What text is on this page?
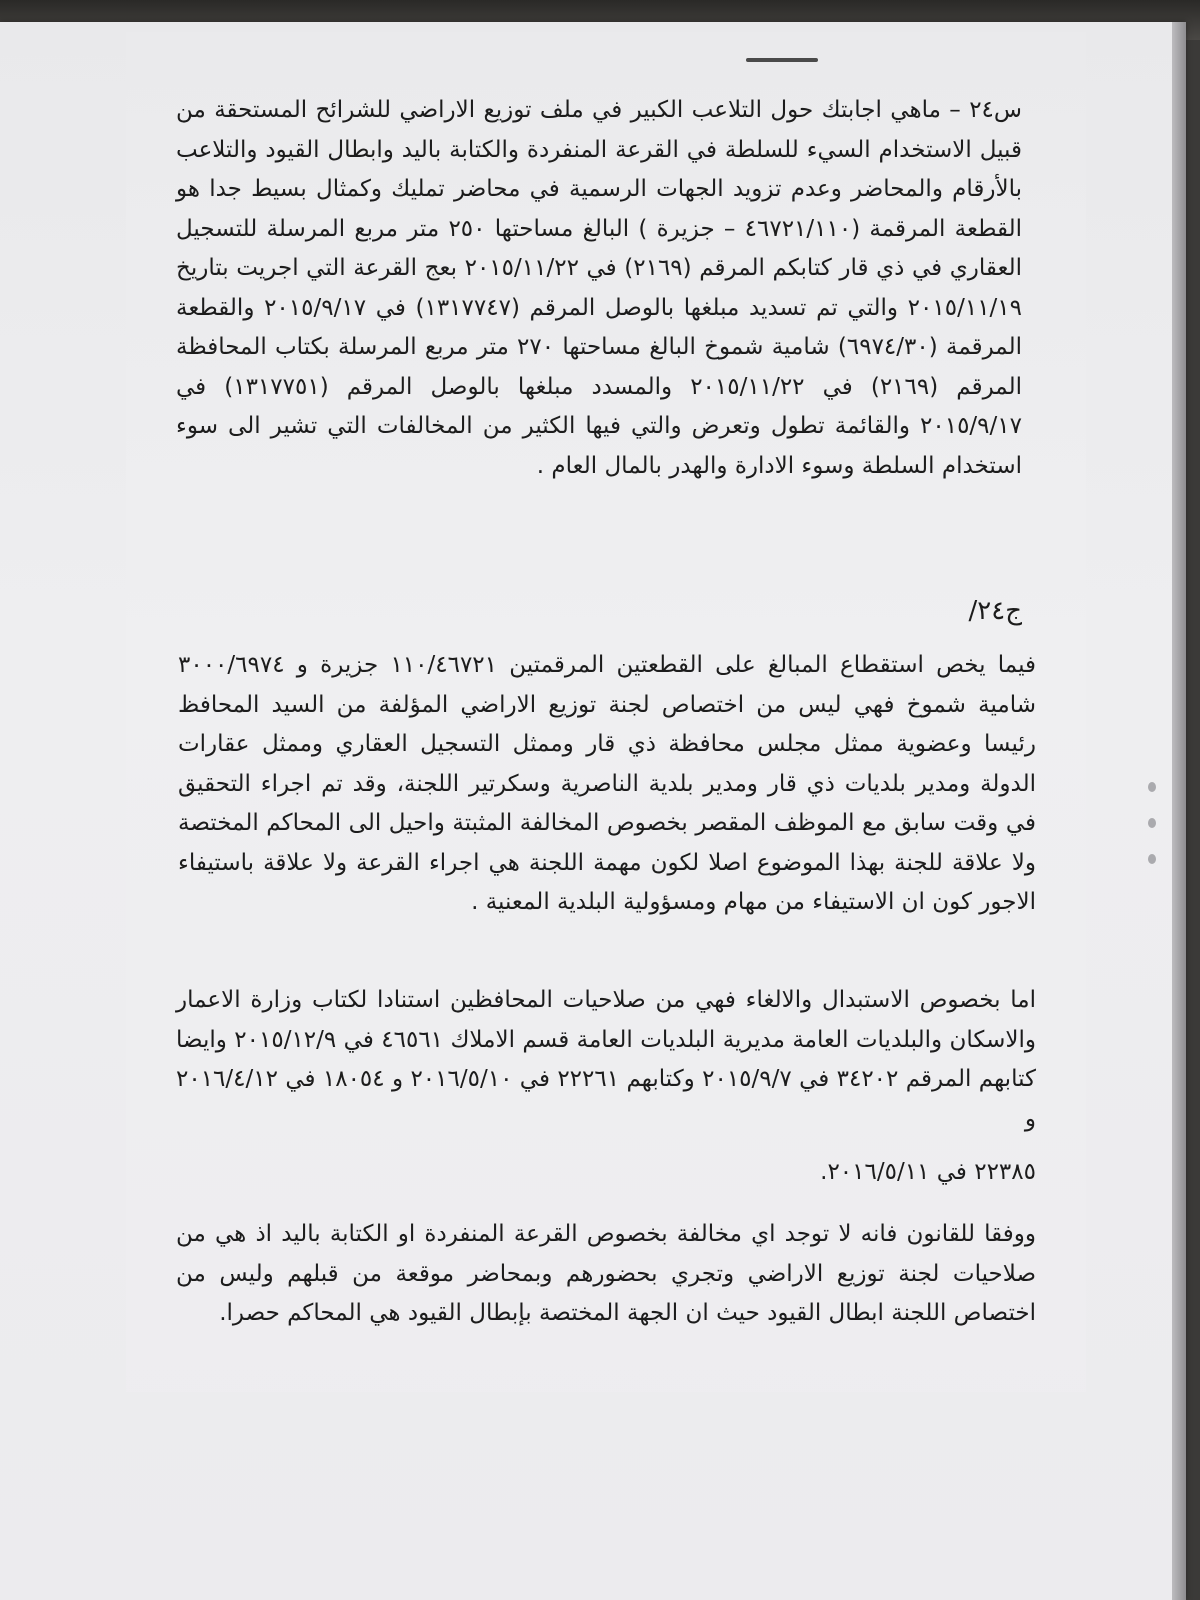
س٢٤ – ماهي اجابتك حول التلاعب الكبير في ملف توزيع الاراضي للشرائح المستحقة من قبيل الاستخدام السيء للسلطة في القرعة المنفردة والكتابة باليد وابطال القيود والتلاعب بالأرقام والمحاضر وعدم تزويد الجهات الرسمية في محاضر تمليك وكمثال بسيط جدا هو القطعة المرقمة (٤٦٧٢١/١١٠ – جزيرة ) البالغ مساحتها ٢٥٠ متر مربع المرسلة للتسجيل العقاري في ذي قار كتابكم المرقم (٢١٦٩) في ٢٠١٥/١١/٢٢ بعج القرعة التي اجريت بتاريخ ٢٠١٥/١١/١٩ والتي تم تسديد مبلغها بالوصل المرقم (١٣١٧٧٤٧) في ٢٠١٥/٩/١٧ والقطعة المرقمة (٦٩٧٤/٣٠) شامية شموخ البالغ مساحتها ٢٧٠ متر مربع المرسلة بكتاب المحافظة المرقم (٢١٦٩) في ٢٠١٥/١١/٢٢ والمسدد مبلغها بالوصل المرقم (١٣١٧٧٥١) في ٢٠١٥/٩/١٧ والقائمة تطول وتعرض والتي فيها الكثير من المخالفات التي تشير الى سوء استخدام السلطة وسوء الادارة والهدر بالمال العام .

ج٢٤/

فيما يخص استقطاع المبالغ على القطعتين المرقمتين ١١٠/٤٦٧٢١ جزيرة و ٣٠٠٠/٦٩٧٤ شامية شموخ فهي ليس من اختصاص لجنة توزيع الاراضي المؤلفة من السيد المحافظ رئيسا وعضوية ممثل مجلس محافظة ذي قار وممثل التسجيل العقاري وممثل عقارات الدولة ومدير بلديات ذي قار ومدير بلدية الناصرية وسكرتير اللجنة، وقد تم اجراء التحقيق في وقت سابق مع الموظف المقصر بخصوص المخالفة المثبتة واحيل الى المحاكم المختصة ولا علاقة للجنة بهذا الموضوع اصلا لكون مهمة اللجنة هي اجراء القرعة ولا علاقة باستيفاء الاجور كون ان الاستيفاء من مهام ومسؤولية البلدية المعنية .

اما بخصوص الاستبدال والالغاء فهي من صلاحيات المحافظين استنادا لكتاب وزارة الاعمار والاسكان والبلديات العامة مديرية البلديات العامة قسم الاملاك ٤٦٥٦١ في ٢٠١٥/١٢/٩ وايضا كتابهم المرقم ٣٤٢٠٢ في ٢٠١٥/٩/٧ وكتابهم ٢٢٢٦١ في ٢٠١٦/٥/١٠ و ١٨٠٥٤ في ٢٠١٦/٤/١٢ و

٢٢٣٨٥ في ٢٠١٦/٥/١١.

ووفقا للقانون فانه لا توجد اي مخالفة بخصوص القرعة المنفردة او الكتابة باليد اذ هي من صلاحيات لجنة توزيع الاراضي وتجري بحضورهم وبمحاضر موقعة من قبلهم وليس من اختصاص اللجنة ابطال القيود حيث ان الجهة المختصة بإبطال القيود هي المحاكم حصرا.
